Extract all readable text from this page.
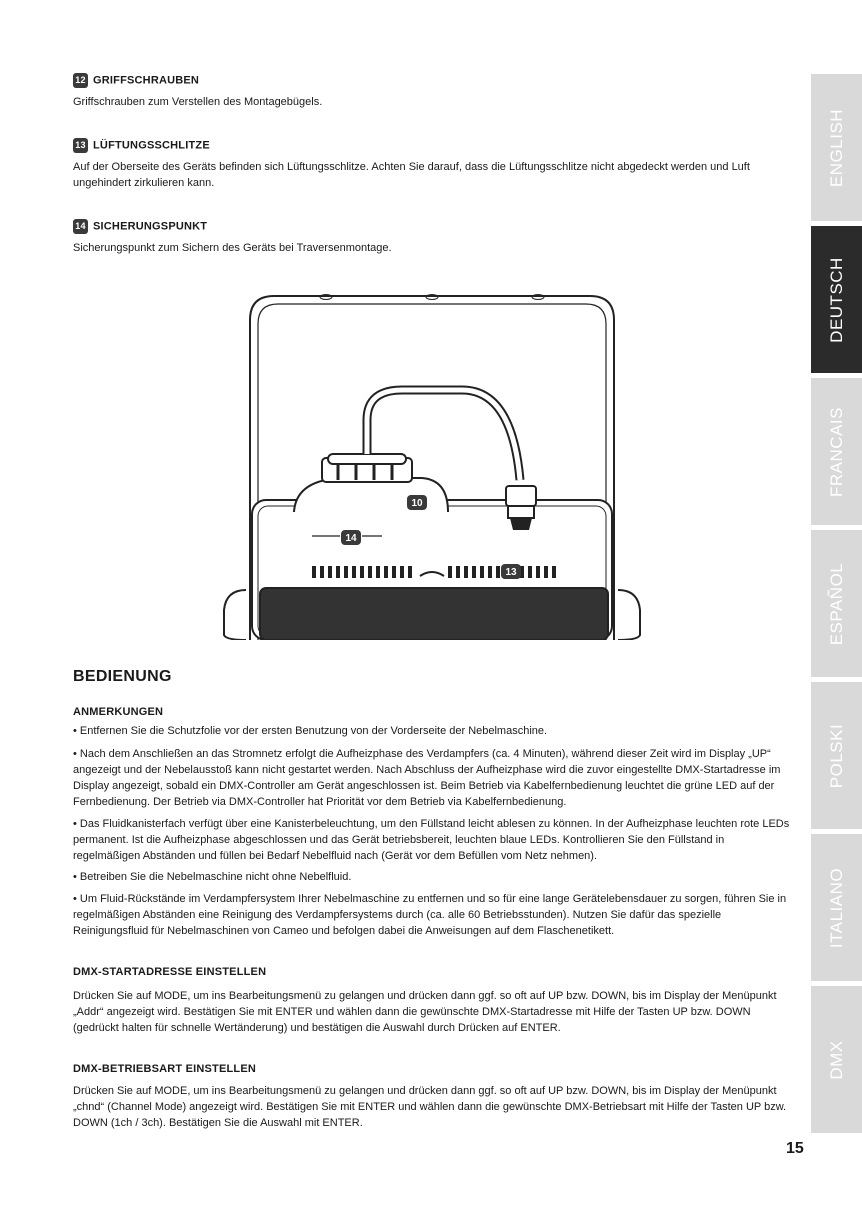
ENGLISH
DEUTSCH
FRANCAIS
ESPAÑOL
POLSKI
ITALIANO
DMX
12 GRIFFSCHRAUBEN
Griffschrauben zum Verstellen des Montagebügels.
13 LÜFTUNGSSCHLITZE
Auf der Oberseite des Geräts befinden sich Lüftungsschlitze. Achten Sie darauf, dass die Lüftungsschlitze nicht abgedeckt werden und Luft ungehindert zirkulieren kann.
14 SICHERUNGSPUNKT
Sicherungspunkt zum Sichern des Geräts bei Traversenmontage.
10
14
13
BEDIENUNG
ANMERKUNGEN
• Entfernen Sie die Schutzfolie vor der ersten Benutzung von der Vorderseite der Nebelmaschine.
• Nach dem Anschließen an das Stromnetz erfolgt die Aufheizphase des Verdampfers (ca. 4 Minuten), während dieser Zeit wird im Display „UP“ angezeigt und der Nebelausstoß kann nicht gestartet werden. Nach Abschluss der Aufheizphase wird die zuvor eingestellte DMX-Startadresse im Display angezeigt, sobald ein DMX-Controller am Gerät angeschlossen ist. Beim Betrieb via Kabelfernbedienung leuchtet die grüne LED auf der Fernbedienung. Der Betrieb via DMX-Controller hat Priorität vor dem Betrieb via Kabelfernbedienung.
• Das Fluidkanisterfach verfügt über eine Kanisterbeleuchtung, um den Füllstand leicht ablesen zu können. In der Aufheizphase leuchten rote LEDs permanent. Ist die Aufheizphase abgeschlossen und das Gerät betriebsbereit, leuchten blaue LEDs. Kontrollieren Sie den Füllstand in regelmäßigen Abständen und füllen bei Bedarf Nebelfluid nach (Gerät vor dem Befüllen vom Netz nehmen).
• Betreiben Sie die Nebelmaschine nicht ohne Nebelfluid.
• Um Fluid-Rückstände im Verdampfersystem Ihrer Nebelmaschine zu entfernen und so für eine lange Gerätelebensdauer zu sorgen, führen Sie in regelmäßigen Abständen eine Reinigung des Verdampfersystems durch (ca. alle 60 Betriebsstunden). Nutzen Sie dafür das spezielle Reinigungsfluid für Nebelmaschinen von Cameo und befolgen dabei die Anweisungen auf dem Flaschenetikett.
DMX-STARTADRESSE EINSTELLEN
Drücken Sie auf MODE, um ins Bearbeitungsmenü zu gelangen und drücken dann ggf. so oft auf UP bzw. DOWN, bis im Display der Menüpunkt „Addr“ angezeigt wird. Bestätigen Sie mit ENTER und wählen dann die gewünschte DMX-Startadresse mit Hilfe der Tasten UP bzw. DOWN (gedrückt halten für schnelle Wertänderung) und bestätigen die Auswahl durch Drücken auf ENTER.
DMX-BETRIEBSART EINSTELLEN
Drücken Sie auf MODE, um ins Bearbeitungsmenü zu gelangen und drücken dann ggf. so oft auf UP bzw. DOWN, bis im Display der Menüpunkt „chnd“ (Channel Mode) angezeigt wird. Bestätigen Sie mit ENTER und wählen dann die gewünschte DMX-Betriebsart mit Hilfe der Tasten UP bzw. DOWN (1ch / 3ch). Bestätigen Sie die Auswahl mit ENTER.
15
